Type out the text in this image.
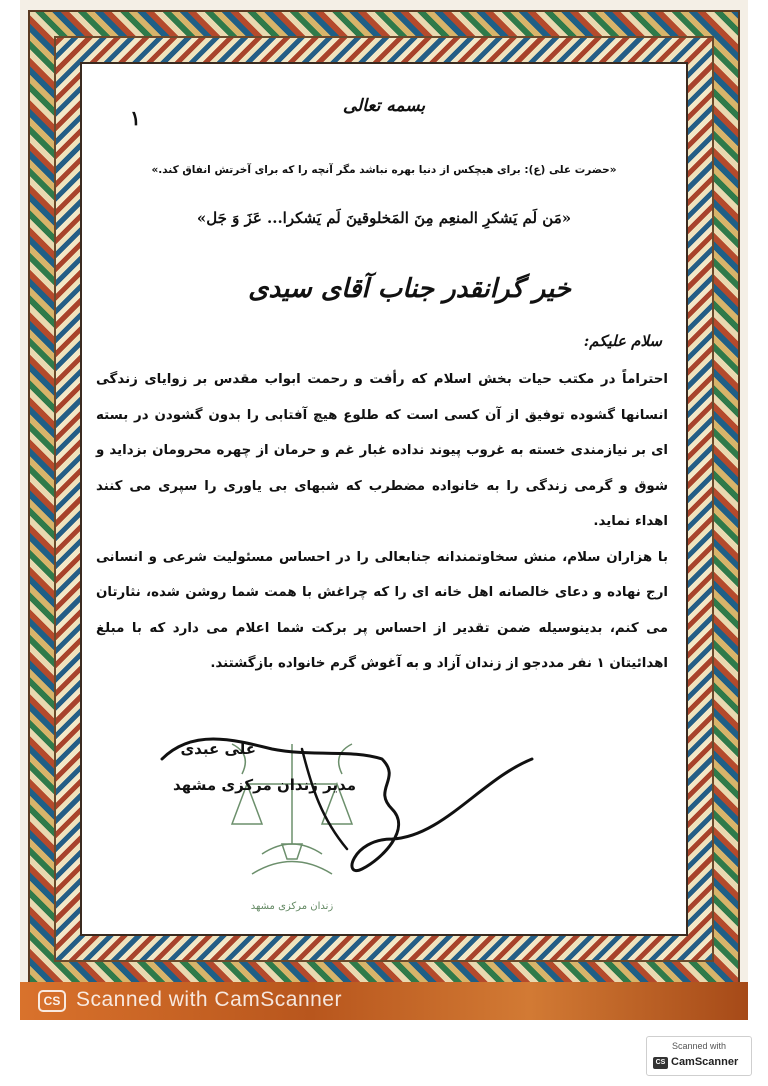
۱	بسمه تعالی
«حضرت علی (ع): برای هیچکس از دنیا بهره نباشد مگر آنچه را که برای آخرتش انفاق کند.»
«مَن لَم یَشکرِ المنعِم مِنَ المَخلوقینَ لَم یَشکرا... عَزَ وَ جَل»
خیر گرانقدر جناب آقای سیدی
سلام علیکم:

احتراماً در مکتب حیات بخش اسلام که رأفت و رحمت ابواب مقدس بر زوایای زندگی انسانها گشوده توفیق از آن کسی است که طلوع هیچ آفتابی را بدون گشودن در بسته ای بر نیازمندی خسته به غروب پیوند نداده غبار غم و حرمان از چهره محرومان بزداید و شوق و گرمی زندگی را به خانواده مضطرب که شبهای بی یاوری را سپری می کنند اهداء نماید.

با هزاران سلام، منش سخاوتمندانه جنابعالی را در احساس مسئولیت شرعی و انسانی ارج نهاده و دعای خالصانه اهل خانه ای را که چراغش با همت شما روشن شده، نثارتان می کنم، بدینوسیله ضمن تقدیر از احساس پر برکت شما اعلام می دارد که با مبلغ اهدائیتان ۱ نفر مددجو از زندان آزاد و به آغوش گرم خانواده بازگشتند.

زندان مرکزی مشهد
علی عبدی
مدیر زندان مرکزی مشهد
CS Scanned with CamScanner
Scanned with
CS CamScanner
